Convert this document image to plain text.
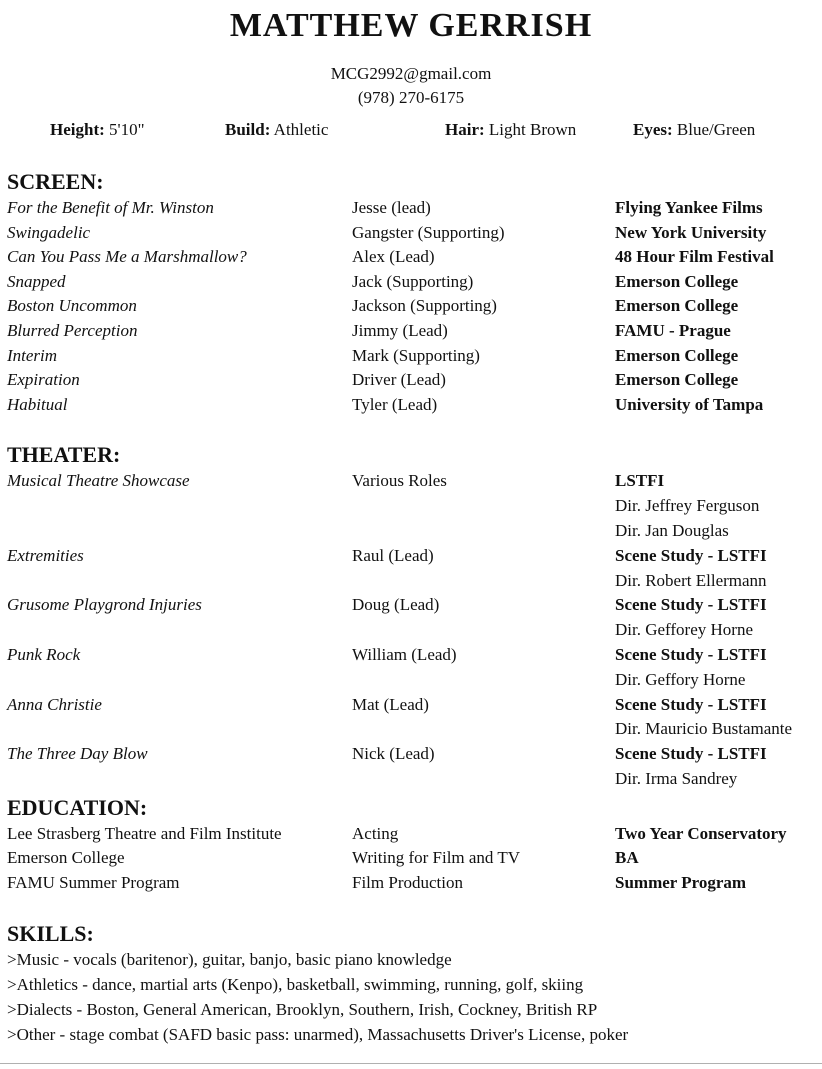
MATTHEW GERRISH
MCG2992@gmail.com
(978) 270-6175
Height: 5'10"	Build: Athletic	Hair: Light Brown	Eyes: Blue/Green
SCREEN:
For the Benefit of Mr. Winston	Jesse (lead)	Flying Yankee Films
Swingadelic	Gangster (Supporting)	New York University
Can You Pass Me a Marshmallow?	Alex (Lead)	48 Hour Film Festival
Snapped	Jack (Supporting)	Emerson College
Boston Uncommon	Jackson (Supporting)	Emerson College
Blurred Perception	Jimmy (Lead)	FAMU - Prague
Interim	Mark (Supporting)	Emerson College
Expiration	Driver (Lead)	Emerson College
Habitual	Tyler (Lead)	University of Tampa
THEATER:
Musical Theatre Showcase	Various Roles	LSTFI
Dir. Jeffrey Ferguson
Dir. Jan Douglas
Extremities	Raul (Lead)	Scene Study - LSTFI
Dir. Robert Ellermann
Grusome Playgrond Injuries	Doug (Lead)	Scene Study - LSTFI
Dir. Gefforey Horne
Punk Rock	William (Lead)	Scene Study - LSTFI
Dir. Geffory Horne
Anna Christie	Mat (Lead)	Scene Study - LSTFI
Dir. Mauricio Bustamante
The Three Day Blow	Nick (Lead)	Scene Study - LSTFI
Dir. Irma Sandrey
EDUCATION:
Lee Strasberg Theatre and Film Institute	Acting	Two Year Conservatory
Emerson College	Writing for Film and TV	BA
FAMU Summer Program	Film Production	Summer Program
SKILLS:
>Music - vocals (baritenor), guitar, banjo, basic piano knowledge
>Athletics - dance, martial arts (Kenpo), basketball, swimming, running, golf, skiing
>Dialects - Boston, General American, Brooklyn, Southern, Irish, Cockney, British RP
>Other - stage combat (SAFD basic pass: unarmed), Massachusetts Driver's License, poker
